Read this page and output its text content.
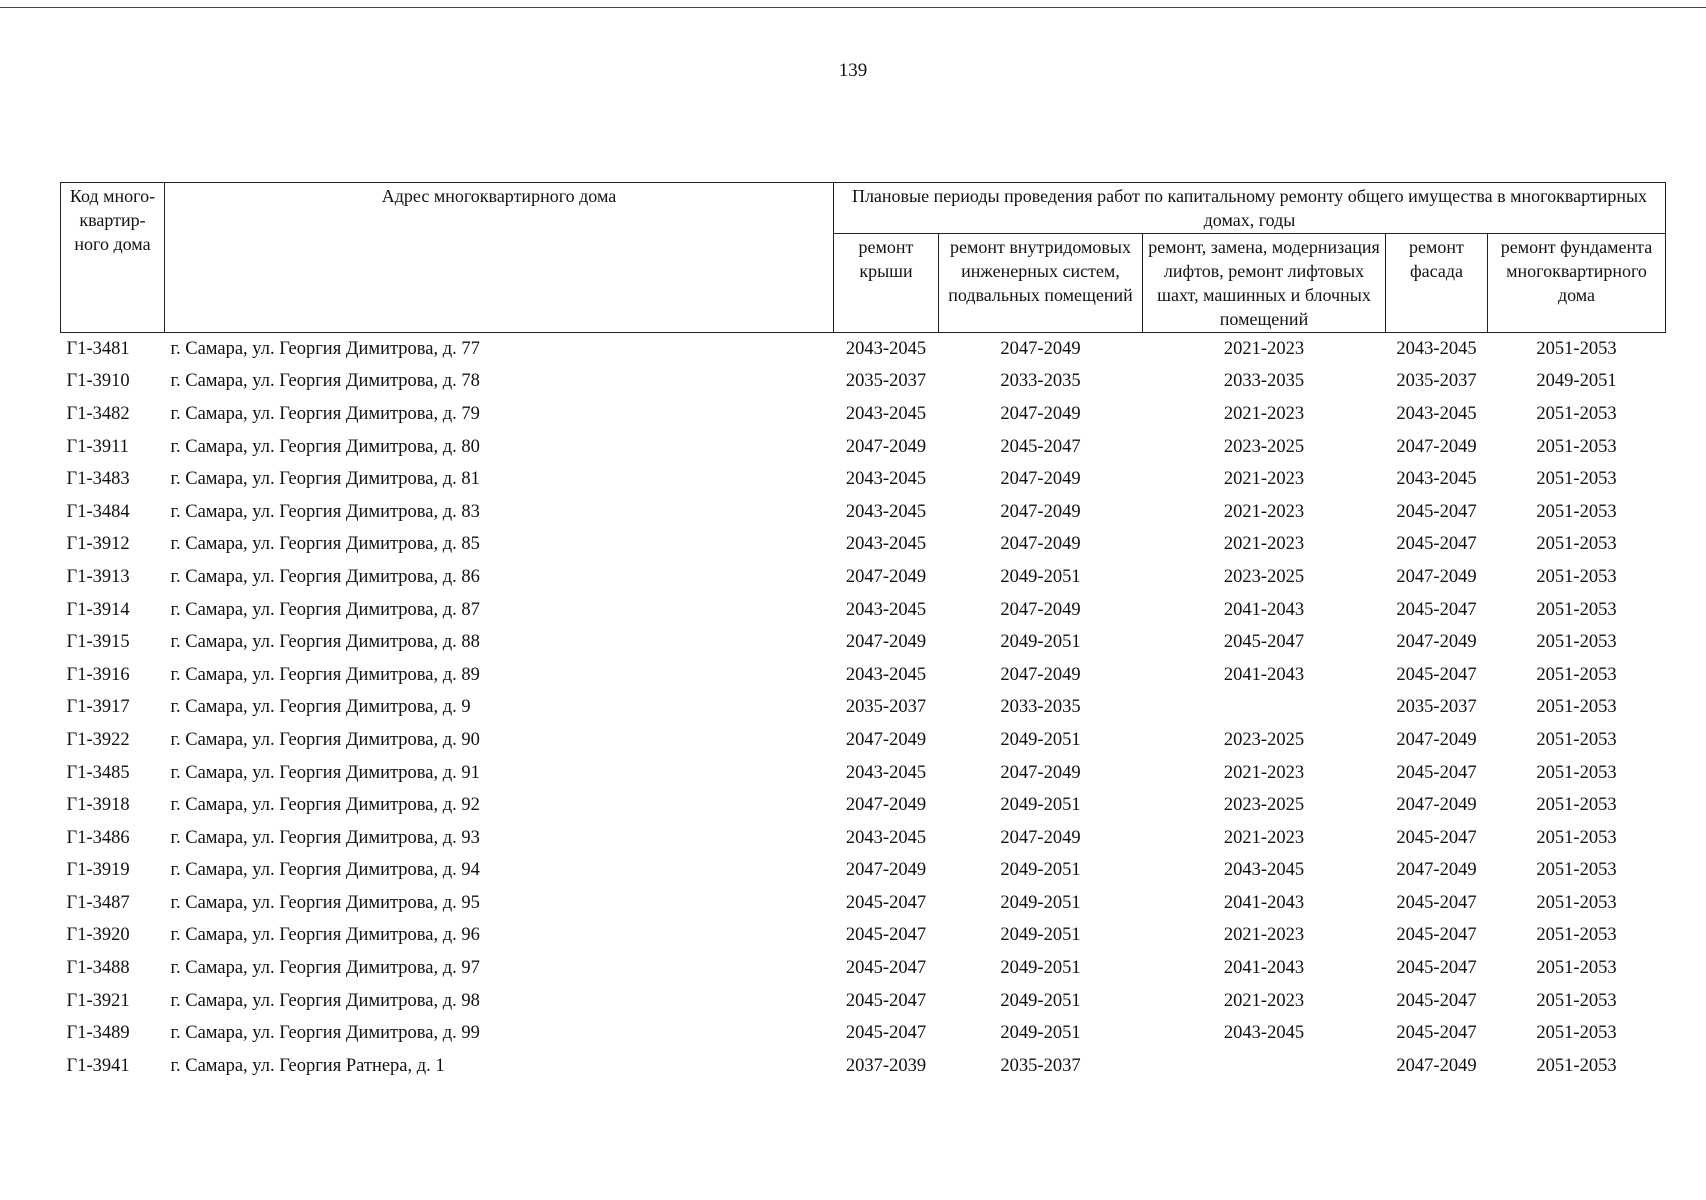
139
Код много-квартир-ного дома	Адрес многоквартирного дома	Плановые периоды проведения работ по капитальному ремонту общего имущества в многоквартирных домах, годы				
		ремонт крыши	ремонт внутридомовых инженерных систем, подвальных помещений	ремонт, замена, модернизация лифтов, ремонт лифтовых шахт, машинных и блочных помещений	ремонт фасада	ремонт фундамента многоквартирного дома
Г1-3481	г. Самара, ул. Георгия Димитрова, д. 77	2043-2045	2047-2049	2021-2023	2043-2045	2051-2053
Г1-3910	г. Самара, ул. Георгия Димитрова, д. 78	2035-2037	2033-2035	2033-2035	2035-2037	2049-2051
Г1-3482	г. Самара, ул. Георгия Димитрова, д. 79	2043-2045	2047-2049	2021-2023	2043-2045	2051-2053
Г1-3911	г. Самара, ул. Георгия Димитрова, д. 80	2047-2049	2045-2047	2023-2025	2047-2049	2051-2053
Г1-3483	г. Самара, ул. Георгия Димитрова, д. 81	2043-2045	2047-2049	2021-2023	2043-2045	2051-2053
Г1-3484	г. Самара, ул. Георгия Димитрова, д. 83	2043-2045	2047-2049	2021-2023	2045-2047	2051-2053
Г1-3912	г. Самара, ул. Георгия Димитрова, д. 85	2043-2045	2047-2049	2021-2023	2045-2047	2051-2053
Г1-3913	г. Самара, ул. Георгия Димитрова, д. 86	2047-2049	2049-2051	2023-2025	2047-2049	2051-2053
Г1-3914	г. Самара, ул. Георгия Димитрова, д. 87	2043-2045	2047-2049	2041-2043	2045-2047	2051-2053
Г1-3915	г. Самара, ул. Георгия Димитрова, д. 88	2047-2049	2049-2051	2045-2047	2047-2049	2051-2053
Г1-3916	г. Самара, ул. Георгия Димитрова, д. 89	2043-2045	2047-2049	2041-2043	2045-2047	2051-2053
Г1-3917	г. Самара, ул. Георгия Димитрова, д. 9	2035-2037	2033-2035		2035-2037	2051-2053
Г1-3922	г. Самара, ул. Георгия Димитрова, д. 90	2047-2049	2049-2051	2023-2025	2047-2049	2051-2053
Г1-3485	г. Самара, ул. Георгия Димитрова, д. 91	2043-2045	2047-2049	2021-2023	2045-2047	2051-2053
Г1-3918	г. Самара, ул. Георгия Димитрова, д. 92	2047-2049	2049-2051	2023-2025	2047-2049	2051-2053
Г1-3486	г. Самара, ул. Георгия Димитрова, д. 93	2043-2045	2047-2049	2021-2023	2045-2047	2051-2053
Г1-3919	г. Самара, ул. Георгия Димитрова, д. 94	2047-2049	2049-2051	2043-2045	2047-2049	2051-2053
Г1-3487	г. Самара, ул. Георгия Димитрова, д. 95	2045-2047	2049-2051	2041-2043	2045-2047	2051-2053
Г1-3920	г. Самара, ул. Георгия Димитрова, д. 96	2045-2047	2049-2051	2021-2023	2045-2047	2051-2053
Г1-3488	г. Самара, ул. Георгия Димитрова, д. 97	2045-2047	2049-2051	2041-2043	2045-2047	2051-2053
Г1-3921	г. Самара, ул. Георгия Димитрова, д. 98	2045-2047	2049-2051	2021-2023	2045-2047	2051-2053
Г1-3489	г. Самара, ул. Георгия Димитрова, д. 99	2045-2047	2049-2051	2043-2045	2045-2047	2051-2053
Г1-3941	г. Самара, ул. Георгия Ратнера, д. 1	2037-2039	2035-2037		2047-2049	2051-2053
